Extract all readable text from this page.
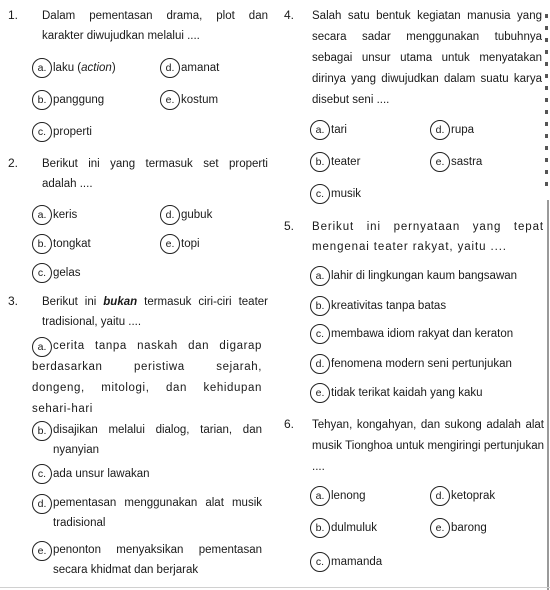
1. Dalam pementasan drama, plot dan karakter diwujudkan melalui ....
a. laku (action)
b. panggung
c. properti
d. amanat
e. kostum
2. Berikut ini yang termasuk set properti adalah ....
a. keris
b. tongkat
c. gelas
d. gubuk
e. topi
3. Berikut ini bukan termasuk ciri-ciri teater tradisional, yaitu ....
a. cerita tanpa naskah dan digarap berdasarkan peristiwa sejarah, dongeng, mitologi, dan kehidupan sehari-hari
b. disajikan melalui dialog, tarian, dan nyanyian
c. ada unsur lawakan
d. pementasan menggunakan alat musik tradisional
e. penonton menyaksikan pementasan secara khidmat dan berjarak
4. Salah satu bentuk kegiatan manusia yang secara sadar menggunakan tubuhnya sebagai unsur utama untuk menyatakan dirinya yang diwujudkan dalam suatu karya disebut seni ....
a. tari
b. teater
c. musik
d. rupa
e. sastra
5. Berikut ini pernyataan yang tepat mengenai teater rakyat, yaitu ....
a. lahir di lingkungan kaum bangsawan
b. kreativitas tanpa batas
c. membawa idiom rakyat dan keraton
d. fenomena modern seni pertunjukan
e. tidak terikat kaidah yang kaku
6. Tehyan, kongahyan, dan sukong adalah alat musik Tionghoa untuk mengiringi pertunjukan ....
a. lenong
b. dulmuluk
c. mamanda
d. ketoprak
e. barong
